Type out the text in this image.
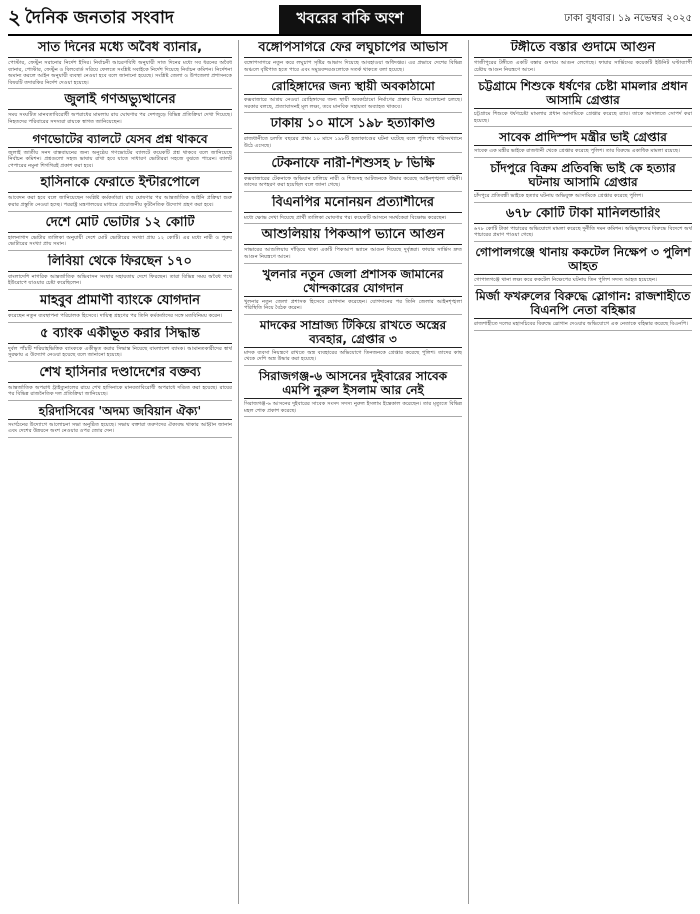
২ দৈনিক জনতার সংবাদ	খবরের বাকি অংশ	ঢাকা বুধবার। ১৯ নভেম্বর ২০২৫
সাত দিনের মধ্যে অবৈধ ব্যানার,

পোস্টার, ফেস্টুন সরানোর নির্দেশ ইসির। নির্বাচনী আচরণবিধি অনুযায়ী সাত দিনের মধ্যে সব ধরনের অবৈধ ব্যানার, পোস্টার, ফেস্টুন ও বিলবোর্ড সরিয়ে ফেলতে সংশ্লিষ্ট সবাইকে নির্দেশ দিয়েছে নির্বাচন কমিশন। নির্দেশনা অমান্য করলে আইন অনুযায়ী ব্যবস্থা নেওয়া হবে বলে জানানো হয়েছে। সংশ্লিষ্ট জেলা ও উপজেলা প্রশাসনকে বিষয়টি তদারকির নির্দেশ দেওয়া হয়েছে।

জুলাই গণঅভ্যুত্থানের

সময় সংঘটিত মানবতাবিরোধী অপরাধের মামলায় রায় ঘোষণার পর দেশজুড়ে বিভিন্ন প্রতিক্রিয়া দেখা দিয়েছে। নিহতদের পরিবারের সদস্যরা রায়কে স্বাগত জানিয়েছেন।

গণভোটের ব্যালটে যেসব প্রশ্ন থাকবে

জুলাই জাতীয় সনদ বাস্তবায়নের জন্য অনুষ্ঠেয় গণভোটের ব্যালটে কয়েকটি প্রশ্ন থাকবে বলে জানিয়েছে নির্বাচন কমিশন। প্রশ্নগুলো সহজ ভাষায় রাখা হবে যাতে সাধারণ ভোটাররা সহজে বুঝতে পারেন। ব্যালট পেপারের নমুনা শিগগিরই প্রকাশ করা হবে।

হাসিনাকে ফেরাতে ইন্টারপোলে

আবেদন করা হবে বলে জানিয়েছেন সংশ্লিষ্ট কর্মকর্তারা। রায় ঘোষণার পর আন্তর্জাতিক আইনি প্রক্রিয়া শুরু করার প্রস্তুতি নেওয়া হচ্ছে। পররাষ্ট্র মন্ত্রণালয়ের মাধ্যমে প্রয়োজনীয় কূটনৈতিক উদ্যোগ গ্রহণ করা হবে।

দেশে মোট ভোটার ১২ কোটি

হালনাগাদ ভোটার তালিকা অনুযায়ী দেশে মোট ভোটারের সংখ্যা প্রায় ১২ কোটি। এর মধ্যে নারী ও পুরুষ ভোটারের সংখ্যা প্রায় সমান।

লিবিয়া থেকে ফিরছেন ১৭০

বাংলাদেশি নাগরিক আন্তর্জাতিক অভিবাসন সংস্থার সহায়তায় দেশে ফিরছেন। তারা বিভিন্ন সময় অবৈধ পথে ইউরোপে যাওয়ার চেষ্টা করেছিলেন।

মাহবুব প্রামাণী ব্যাংকে যোগদান

করেছেন নতুন ব্যবস্থাপনা পরিচালক হিসেবে। দায়িত্ব গ্রহণের পর তিনি কর্মকর্তাদের সঙ্গে মতবিনিময় করেন।

৫ ব্যাংক একীভূত করার সিদ্ধান্ত

দুর্বল পাঁচটি শরিয়াহভিত্তিক ব্যাংককে একীভূত করার সিদ্ধান্ত নিয়েছে বাংলাদেশ ব্যাংক। আমানতকারীদের স্বার্থ সুরক্ষায় এ উদ্যোগ নেওয়া হয়েছে বলে জানানো হয়েছে।

শেখ হাসিনার দণ্ডাদেশের বক্তব্য

আন্তর্জাতিক অপরাধ ট্রাইব্যুনালের রায়ে শেখ হাসিনাকে মানবতাবিরোধী অপরাধে দণ্ডিত করা হয়েছে। রায়ের পর বিভিন্ন রাজনৈতিক দল প্রতিক্রিয়া জানিয়েছে।

হরিদাসিবের 'অদম্য জবিয়ান ঐক্য'

সংগঠনের উদ্যোগে আলোচনা সভা অনুষ্ঠিত হয়েছে। সভায় বক্তারা তরুণদের ঐক্যবদ্ধ থাকার আহ্বান জানান এবং দেশের উন্নয়নে অংশ নেওয়ার ওপর জোর দেন।

বঙ্গোপসাগরে ফের লঘুচাপের আভাস

বঙ্গোপসাগরে নতুন করে লঘুচাপ সৃষ্টির আভাস দিয়েছে আবহাওয়া অধিদপ্তর। এর প্রভাবে দেশের বিভিন্ন অঞ্চলে বৃষ্টিপাত হতে পারে এবং সমুদ্রবন্দরগুলোকে সতর্ক থাকতে বলা হয়েছে।

রোহিঙ্গাদের জন্য স্থায়ী অবকাঠামো

কক্সবাজারে আশ্রয় নেওয়া রোহিঙ্গাদের জন্য স্থায়ী অবকাঠামো নির্মাণের প্রস্তাব নিয়ে আলোচনা চলছে। সরকার বলছে, প্রত্যাবাসনই মূল লক্ষ্য, তবে মানবিক সহায়তা অব্যাহত থাকবে।

ঢাকায় ১০ মাসে ১৯৮ হত্যাকাণ্ড

রাজধানীতে চলতি বছরের প্রথম ১০ মাসে ১৯৮টি হত্যাকাণ্ডের ঘটনা ঘটেছে বলে পুলিশের পরিসংখ্যানে উঠে এসেছে।

টেকনাফে নারী-শিশুসহ ৮ ভিক্ষি

কক্সবাজারের টেকনাফে অভিযান চালিয়ে নারী ও শিশুসহ আটজনকে উদ্ধার করেছে আইনশৃঙ্খলা বাহিনী। তাদের অপহরণ করা হয়েছিল বলে জানা গেছে।

বিএনপির মনোনয়ন প্রত্যাশীদের

মধ্যে ক্ষোভ দেখা দিয়েছে প্রার্থী তালিকা ঘোষণার পর। কয়েকটি আসনে সমর্থকেরা বিক্ষোভ করেছেন।

আশুলিয়ায় পিকআপ ভ্যানে আগুন

সাভারের আশুলিয়ায় দাঁড়িয়ে থাকা একটি পিকআপ ভ্যানে আগুন দিয়েছে দুর্বৃত্তরা। ফায়ার সার্ভিস দ্রুত আগুন নিয়ন্ত্রণে আনে।

খুলনার নতুন জেলা প্রশাসক জামানের খোন্দকারের যোগদান

খুলনার নতুন জেলা প্রশাসক হিসেবে যোগদান করেছেন। যোগদানের পর তিনি জেলার আইনশৃঙ্খলা পরিস্থিতি নিয়ে বৈঠক করেন।

মাদকের সাম্রাজ্য টিকিয়ে রাখতে অস্ত্রের ব্যবহার, গ্রেপ্তার ৩

মাদক ব্যবসা নিয়ন্ত্রণে রাখতে অস্ত্র ব্যবহারের অভিযোগে তিনজনকে গ্রেপ্তার করেছে পুলিশ। তাদের কাছ থেকে দেশি অস্ত্র উদ্ধার করা হয়েছে।

সিরাজগঞ্জ-৬ আসনের দুইবারের সাবেক এমপি নুরুল ইসলাম আর নেই

সিরাজগঞ্জ-৬ আসনের দুইবারের সাবেক সংসদ সদস্য নুরুল ইসলাম ইন্তেকাল করেছেন। তার মৃত্যুতে বিভিন্ন মহল শোক প্রকাশ করেছে।

টঙ্গীতে বস্তার গুদামে আগুন

গাজীপুরের টঙ্গীতে একটি বস্তার গুদামে আগুন লেগেছে। ফায়ার সার্ভিসের কয়েকটি ইউনিট ঘণ্টাব্যাপী চেষ্টায় আগুন নিয়ন্ত্রণে আনে।

চট্টগ্রামে শিশুকে ধর্ষণের চেষ্টা মামলার প্রধান আসামি গ্রেপ্তার

চট্টগ্রামে শিশুকে ধর্ষণচেষ্টা মামলার প্রধান আসামিকে গ্রেপ্তার করেছে র‍্যাব। তাকে আদালতে সোপর্দ করা হয়েছে।

সাবেক প্রাদিস্পদ মন্ত্রীর ভাই গ্রেপ্তার

সাবেক এক মন্ত্রীর ভাইকে রাজধানী থেকে গ্রেপ্তার করেছে পুলিশ। তার বিরুদ্ধে একাধিক মামলা রয়েছে।

চাঁদপুরে বিক্রম প্রতিবন্ধি ভাই কে হত্যার ঘটনায় আসামি গ্রেপ্তার

চাঁদপুরে প্রতিবন্ধী ভাইকে হত্যার ঘটনায় অভিযুক্ত আসামিকে গ্রেপ্তার করেছে পুলিশ।

৬৭৮ কোটি টাকা মানিলন্ডারিং

৬৭৮ কোটি টাকা পাচারের অভিযোগে মামলা করেছে দুর্নীতি দমন কমিশন। অভিযুক্তদের বিরুদ্ধে বিদেশে অর্থ পাচারের প্রমাণ পাওয়া গেছে।

গোপালগঞ্জে থানায় ককটেল নিক্ষেপ ৩ পুলিশ আহত

গোপালগঞ্জে থানা লক্ষ্য করে ককটেল নিক্ষেপের ঘটনায় তিন পুলিশ সদস্য আহত হয়েছেন।

মির্জা ফখরুলের বিরুদ্ধে স্লোগান: রাজশাহীতে বিএনপি নেতা বহিষ্কার

রাজশাহীতে দলের মহাসচিবের বিরুদ্ধে স্লোগান দেওয়ার অভিযোগে এক নেতাকে বহিষ্কার করেছে বিএনপি।
